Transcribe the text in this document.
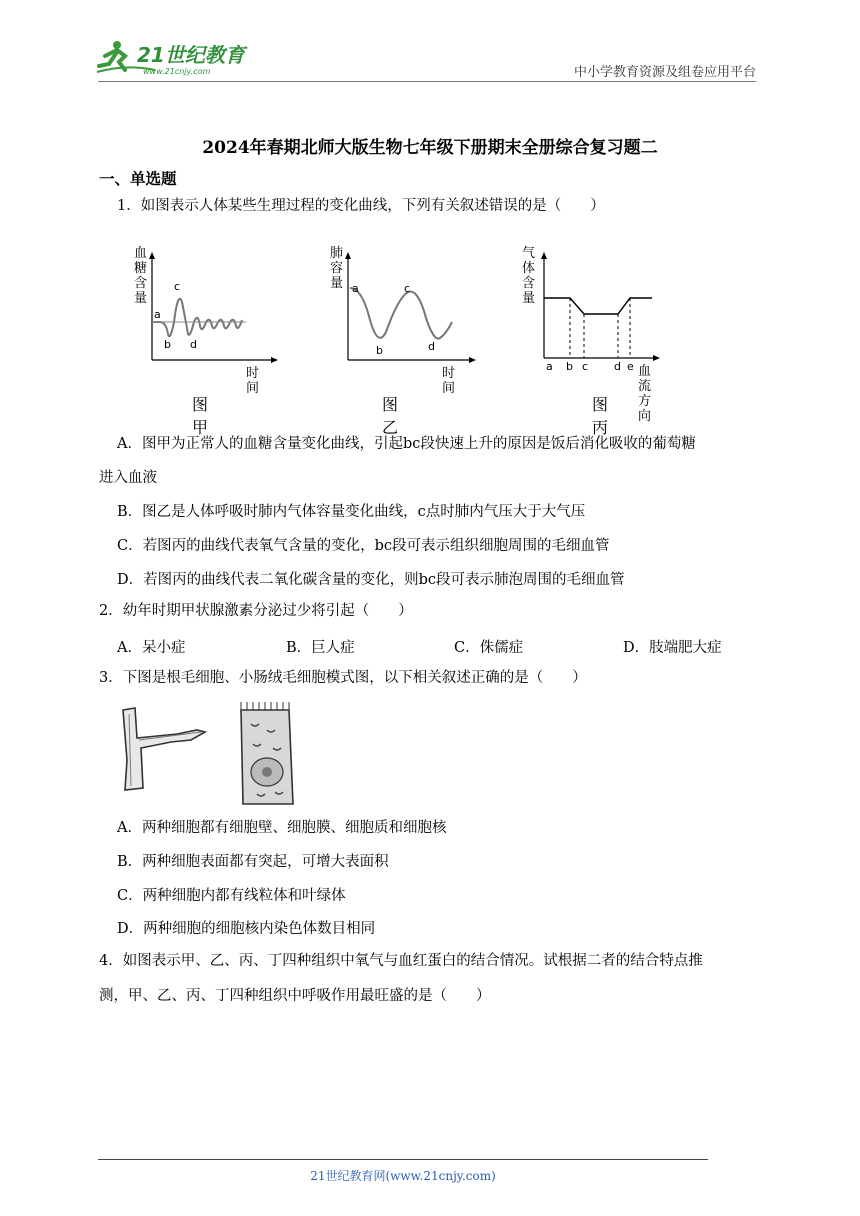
21世纪教育
www.21cnjy.com	中小学教育资源及组卷应用平台
2024年春期北师大版生物七年级下册期末全册综合复习题二
一、单选题
1．如图表示人体某些生理过程的变化曲线，下列有关叙述错误的是（　　）
血
糖
含
量
a
b
c
d
时间
图甲
肺
容
量 a
b
c
d
时间
图乙
气
体
含
量
a b c d e 血流方向
图丙
A．图甲为正常人的血糖含量变化曲线，引起bc段快速上升的原因是饭后消化吸收的葡萄糖
进入血液
B．图乙是人体呼吸时肺内气体容量变化曲线，c点时肺内气压大于大气压
C．若图丙的曲线代表氧气含量的变化，bc段可表示组织细胞周围的毛细血管
D．若图丙的曲线代表二氧化碳含量的变化，则bc段可表示肺泡周围的毛细血管
2．幼年时期甲状腺激素分泌过少将引起（　　）
A．呆小症	B．巨人症	C．侏儒症	D．肢端肥大症
3．下图是根毛细胞、小肠绒毛细胞模式图，以下相关叙述正确的是（　　）
A．两种细胞都有细胞壁、细胞膜、细胞质和细胞核
B．两种细胞表面都有突起，可增大表面积
C．两种细胞内都有线粒体和叶绿体
D．两种细胞的细胞核内染色体数目相同
4．如图表示甲、乙、丙、丁四种组织中氧气与血红蛋白的结合情况。试根据二者的结合特点推
测，甲、乙、丙、丁四种组织中呼吸作用最旺盛的是（　　）
21世纪教育网(www.21cnjy.com)
